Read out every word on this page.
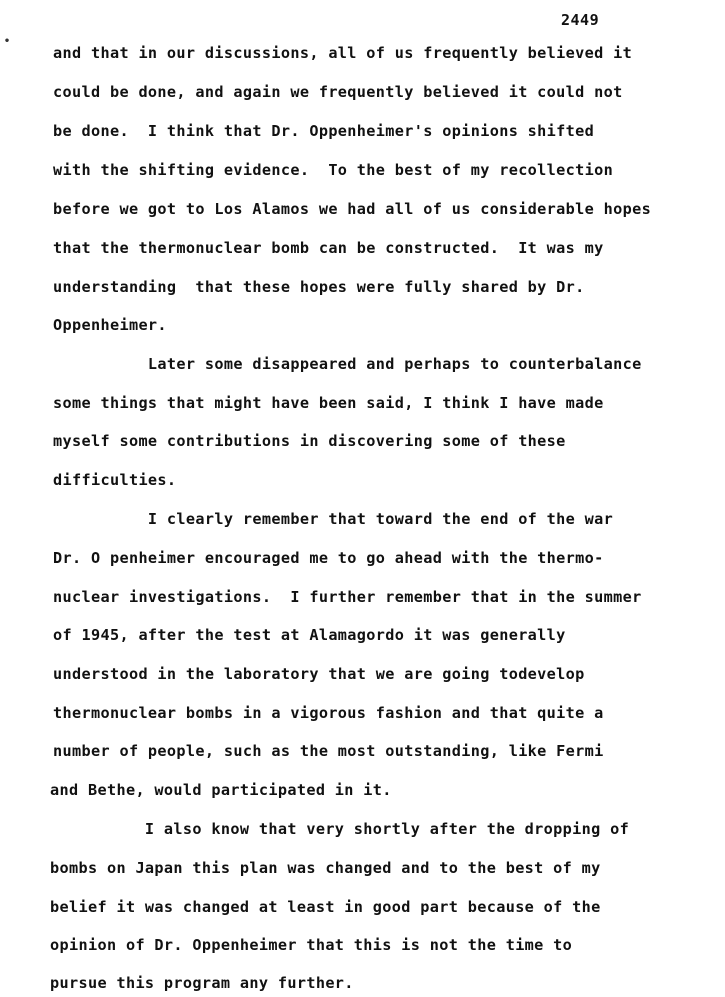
•
2449
and that in our discussions, all of us frequently believed it
could be done, and again we frequently believed it could not
be done.  I think that Dr. Oppenheimer's opinions shifted
with the shifting evidence.  To the best of my recollection
before we got to Los Alamos we had all of us considerable hopes
that the thermonuclear bomb can be constructed.  It was my
understanding  that these hopes were fully shared by Dr.
Oppenheimer.
Later some disappeared and perhaps to counterbalance
some things that might have been said, I think I have made
myself some contributions in discovering some of these
difficulties.
I clearly remember that toward the end of the war
Dr. O penheimer encouraged me to go ahead with the thermo-
nuclear investigations.  I further remember that in the summer
of 1945, after the test at Alamagordo it was generally
understood in the laboratory that we are going todevelop
thermonuclear bombs in a vigorous fashion and that quite a
number of people, such as the most outstanding, like Fermi
and Bethe, would participated in it.
I also know that very shortly after the dropping of
bombs on Japan this plan was changed and to the best of my
belief it was changed at least in good part because of the
opinion of Dr. Oppenheimer that this is not the time to
pursue this program any further.
